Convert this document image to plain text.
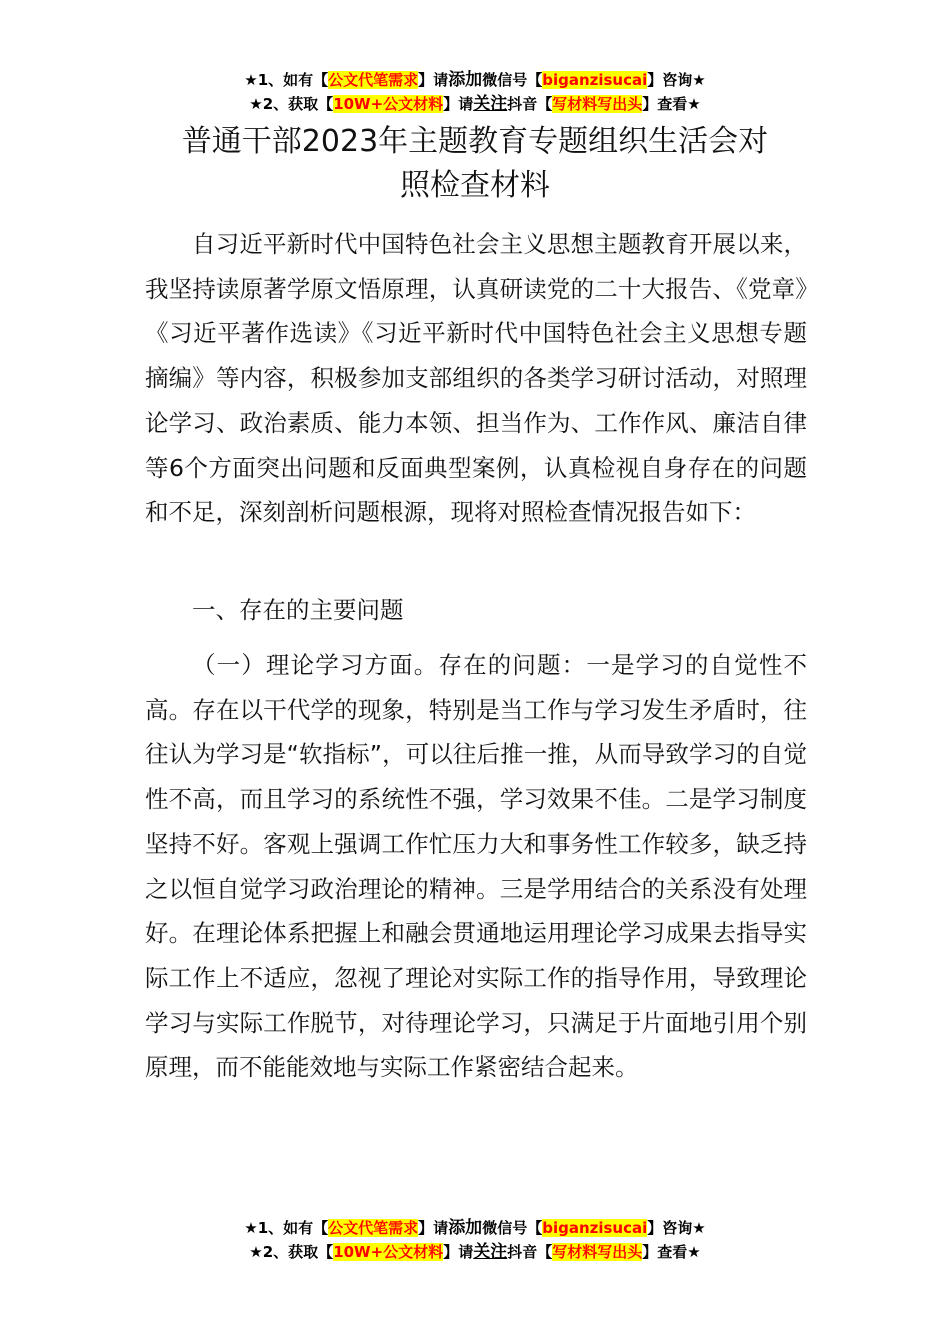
★1、如有【公文代笔需求】请添加微信号【biganzisucai】咨询★
★2、获取【10W+公文材料】请关注抖音【写材料写出头】查看★
普通干部2023年主题教育专题组织生活会对
照检查材料

自习近平新时代中国特色社会主义思想主题教育开展以来，我坚持读原著学原文悟原理，认真研读党的二十大报告、《党章》《习近平著作选读》《习近平新时代中国特色社会主义思想专题摘编》等内容，积极参加支部组织的各类学习研讨活动，对照理论学习、政治素质、能力本领、担当作为、工作作风、廉洁自律等6个方面突出问题和反面典型案例，认真检视自身存在的问题和不足，深刻剖析问题根源，现将对照检查情况报告如下：

一、存在的主要问题

（一）理论学习方面。存在的问题：一是学习的自觉性不高。存在以干代学的现象，特别是当工作与学习发生矛盾时，往往认为学习是“软指标”，可以往后推一推，从而导致学习的自觉性不高，而且学习的系统性不强，学习效果不佳。二是学习制度坚持不好。客观上强调工作忙压力大和事务性工作较多，缺乏持之以恒自觉学习政治理论的精神。三是学用结合的关系没有处理好。在理论体系把握上和融会贯通地运用理论学习成果去指导实际工作上不适应，忽视了理论对实际工作的指导作用，导致理论学习与实际工作脱节，对待理论学习，只满足于片面地引用个别原理，而不能能效地与实际工作紧密结合起来。

★1、如有【公文代笔需求】请添加微信号【biganzisucai】咨询★
★2、获取【10W+公文材料】请关注抖音【写材料写出头】查看★
